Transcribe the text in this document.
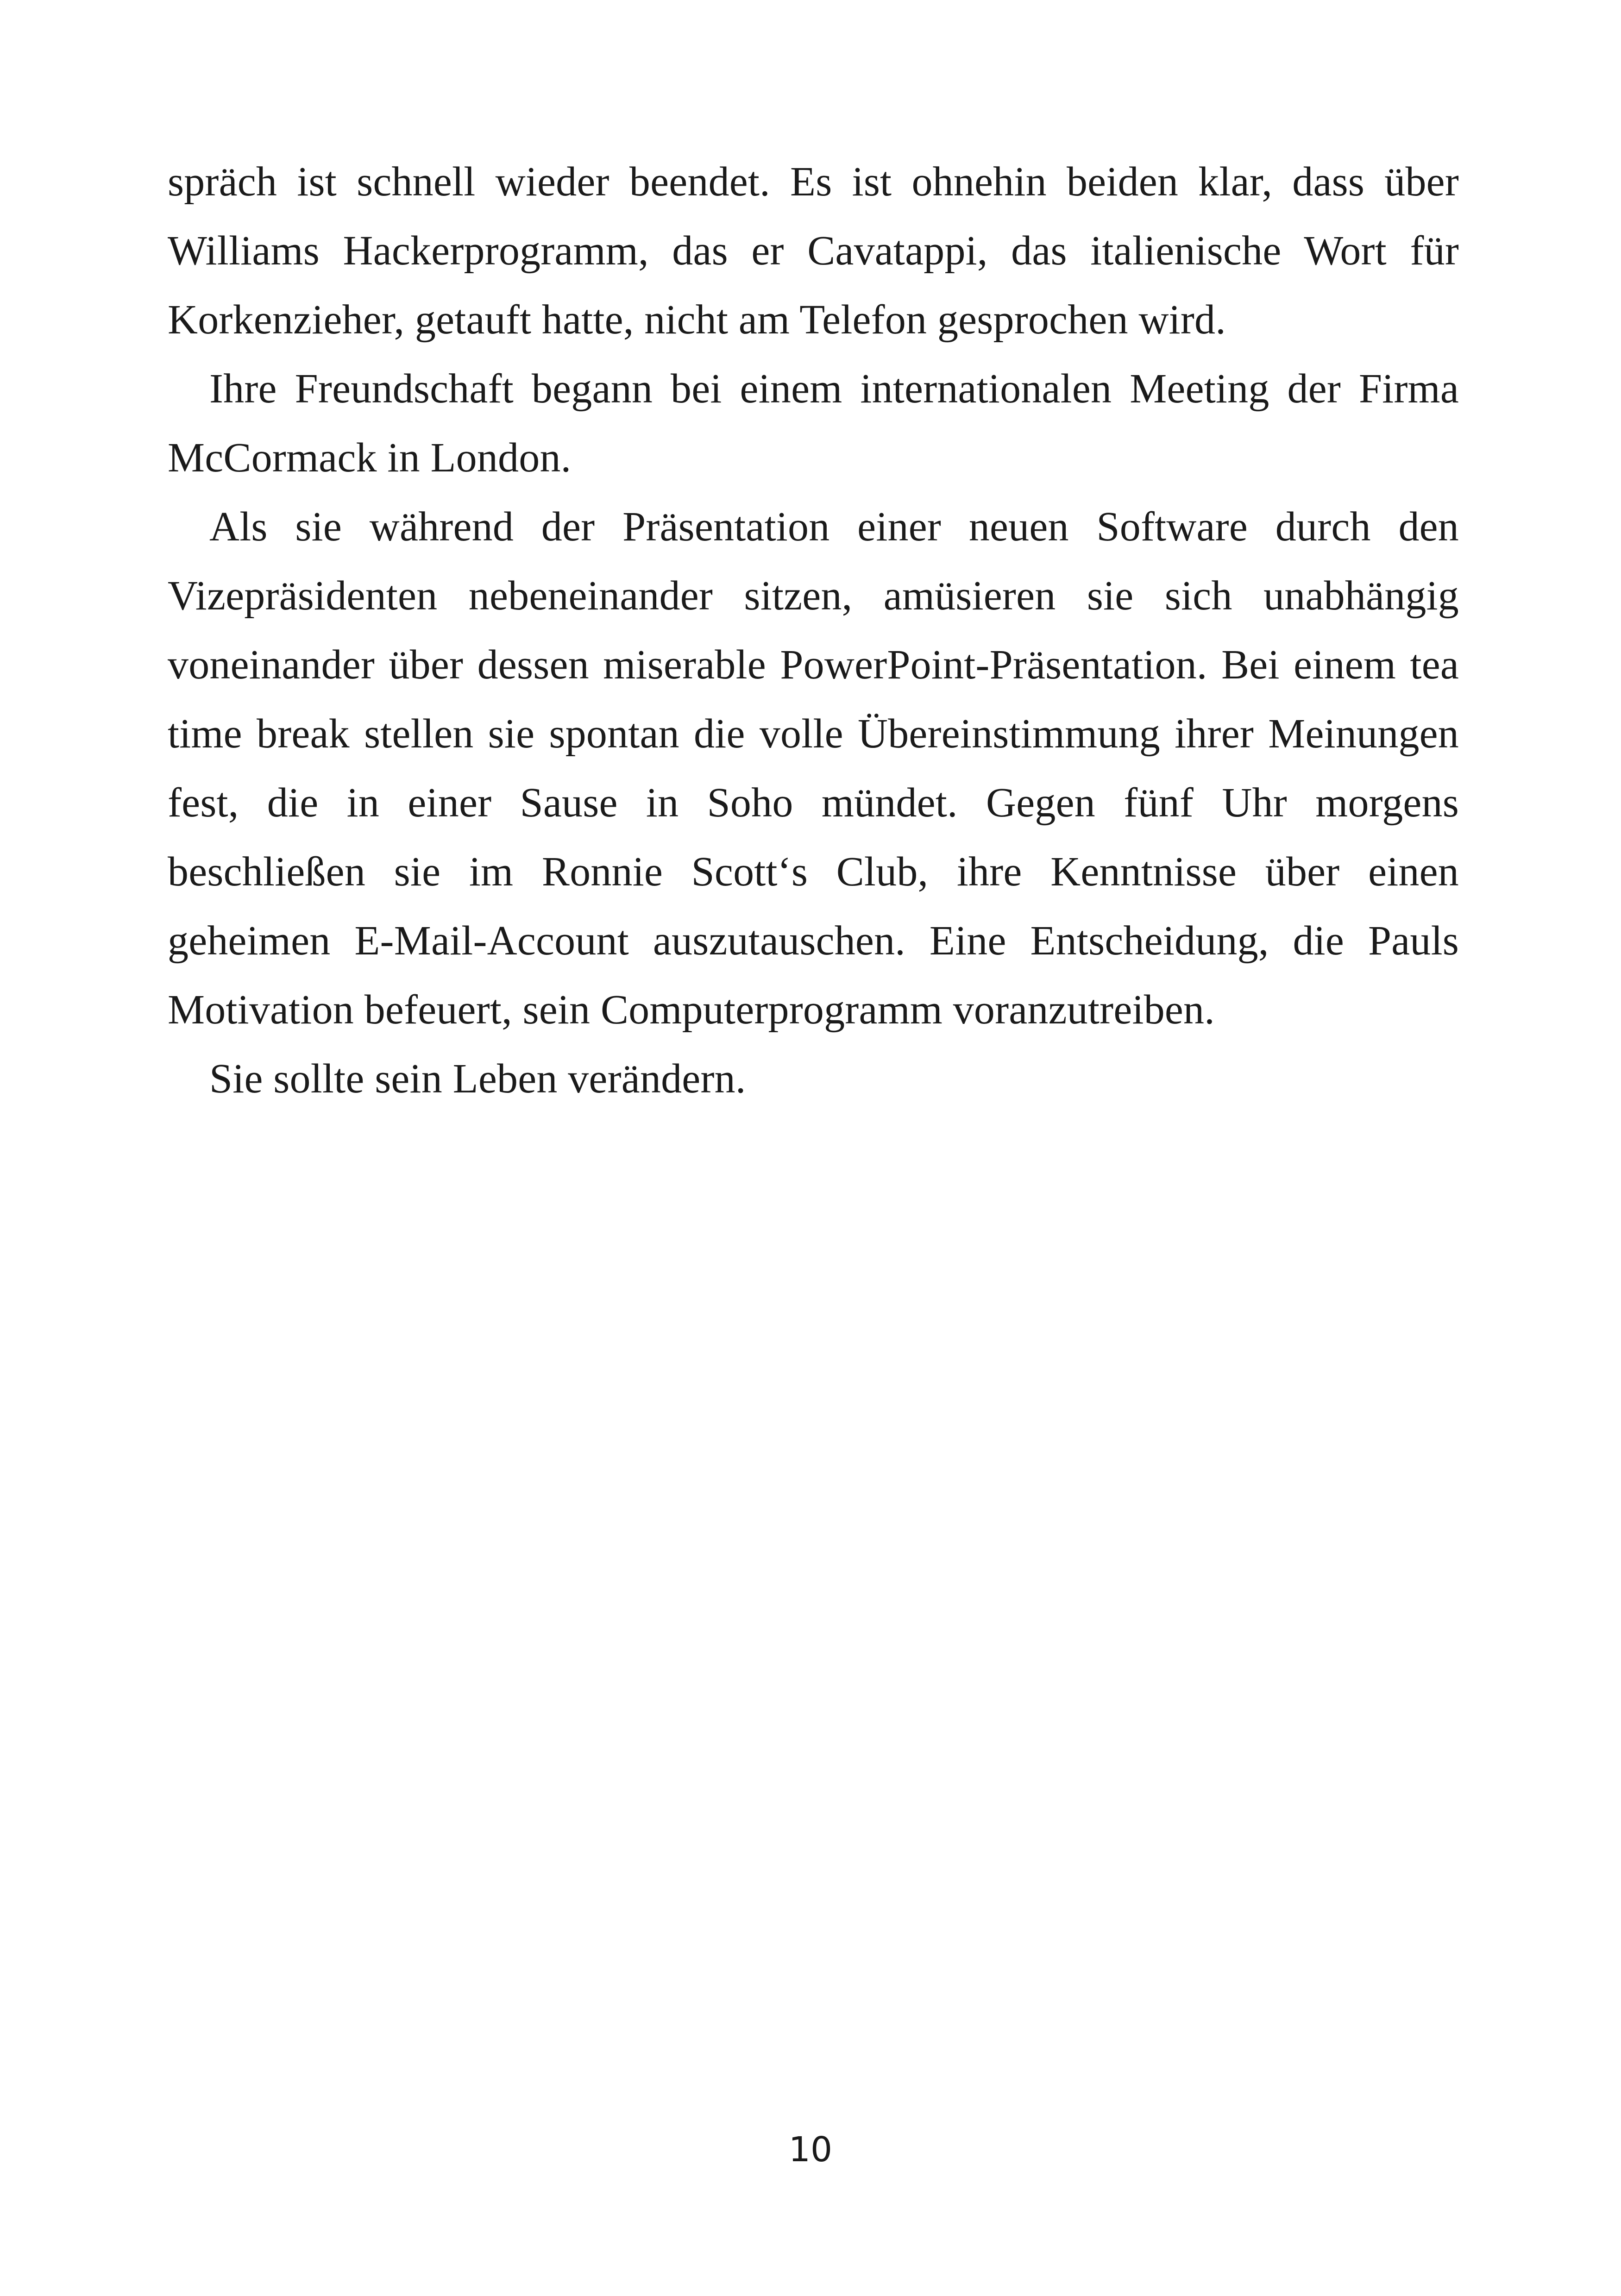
spräch ist schnell wieder beendet. Es ist ohnehin beiden klar, dass über Williams Hackerprogramm, das er Cavatappi, das italienische Wort für Korkenzieher, getauft hatte, nicht am Telefon gesprochen wird.

Ihre Freundschaft begann bei einem internationalen Meeting der Firma McCormack in London.

Als sie während der Präsentation einer neuen Software durch den Vizepräsidenten nebeneinander sitzen, amüsieren sie sich unabhängig voneinander über dessen miserable PowerPoint-Präsentation. Bei einem tea time break stellen sie spontan die volle Übereinstimmung ihrer Meinungen fest, die in einer Sause in Soho mündet. Gegen fünf Uhr morgens beschließen sie im Ronnie Scott‘s Club, ihre Kenntnisse über einen geheimen E-Mail-Account auszutauschen. Eine Entscheidung, die Pauls Motivation befeuert, sein Computerprogramm voranzutreiben.

Sie sollte sein Leben verändern.

10
